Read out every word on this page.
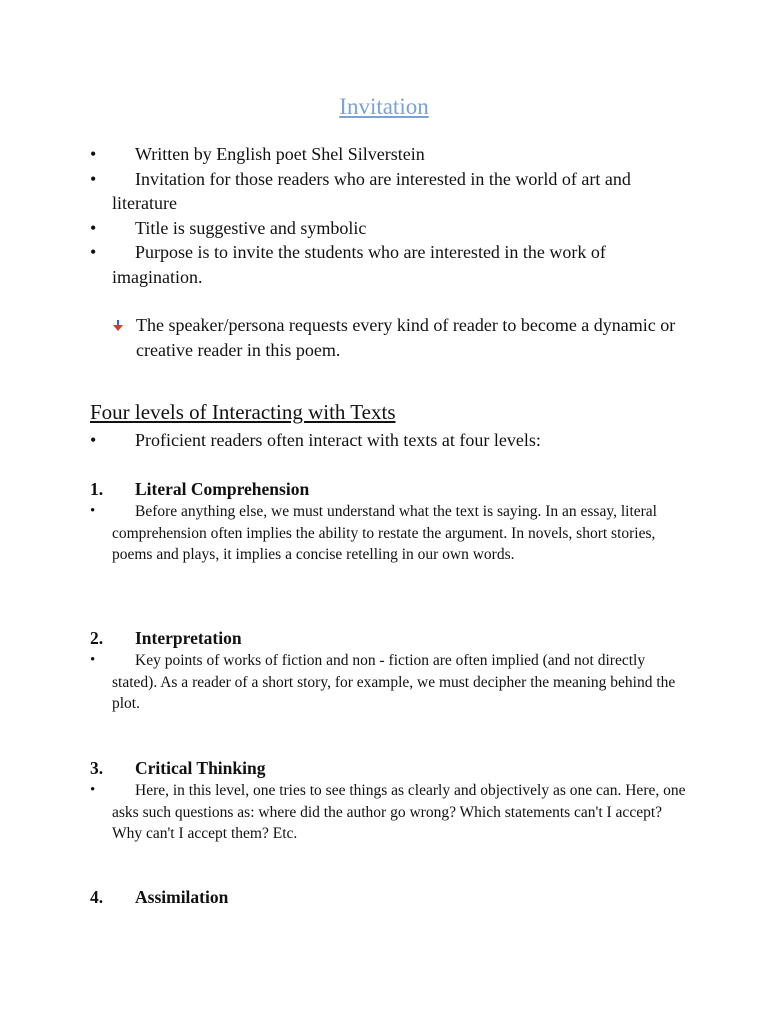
Invitation
• Written by English poet Shel Silverstein
•	Invitation for those readers who are interested in the world of art and literature
• Title is suggestive and symbolic
•	Purpose is to invite the students who are interested in the work of imagination.
The speaker/persona requests every kind of reader to become a dynamic or creative reader in this poem.
Four levels of Interacting with Texts
• Proficient readers often interact with texts at four levels:
1. Literal Comprehension
•	Before anything else, we must understand what the text is saying. In an essay, literal comprehension often implies the ability to restate the argument. In novels, short stories, poems and plays, it implies a concise retelling in our own words.
2. Interpretation
•	Key points of works of fiction and non - fiction are often implied (and not directly stated). As a reader of a short story, for example, we must decipher the meaning behind the plot.
3. Critical Thinking
•	Here, in this level, one tries to see things as clearly and objectively as one can. Here, one asks such questions as: where did the author go wrong? Which statements can't I accept? Why can't I accept them? Etc.
4. Assimilation
